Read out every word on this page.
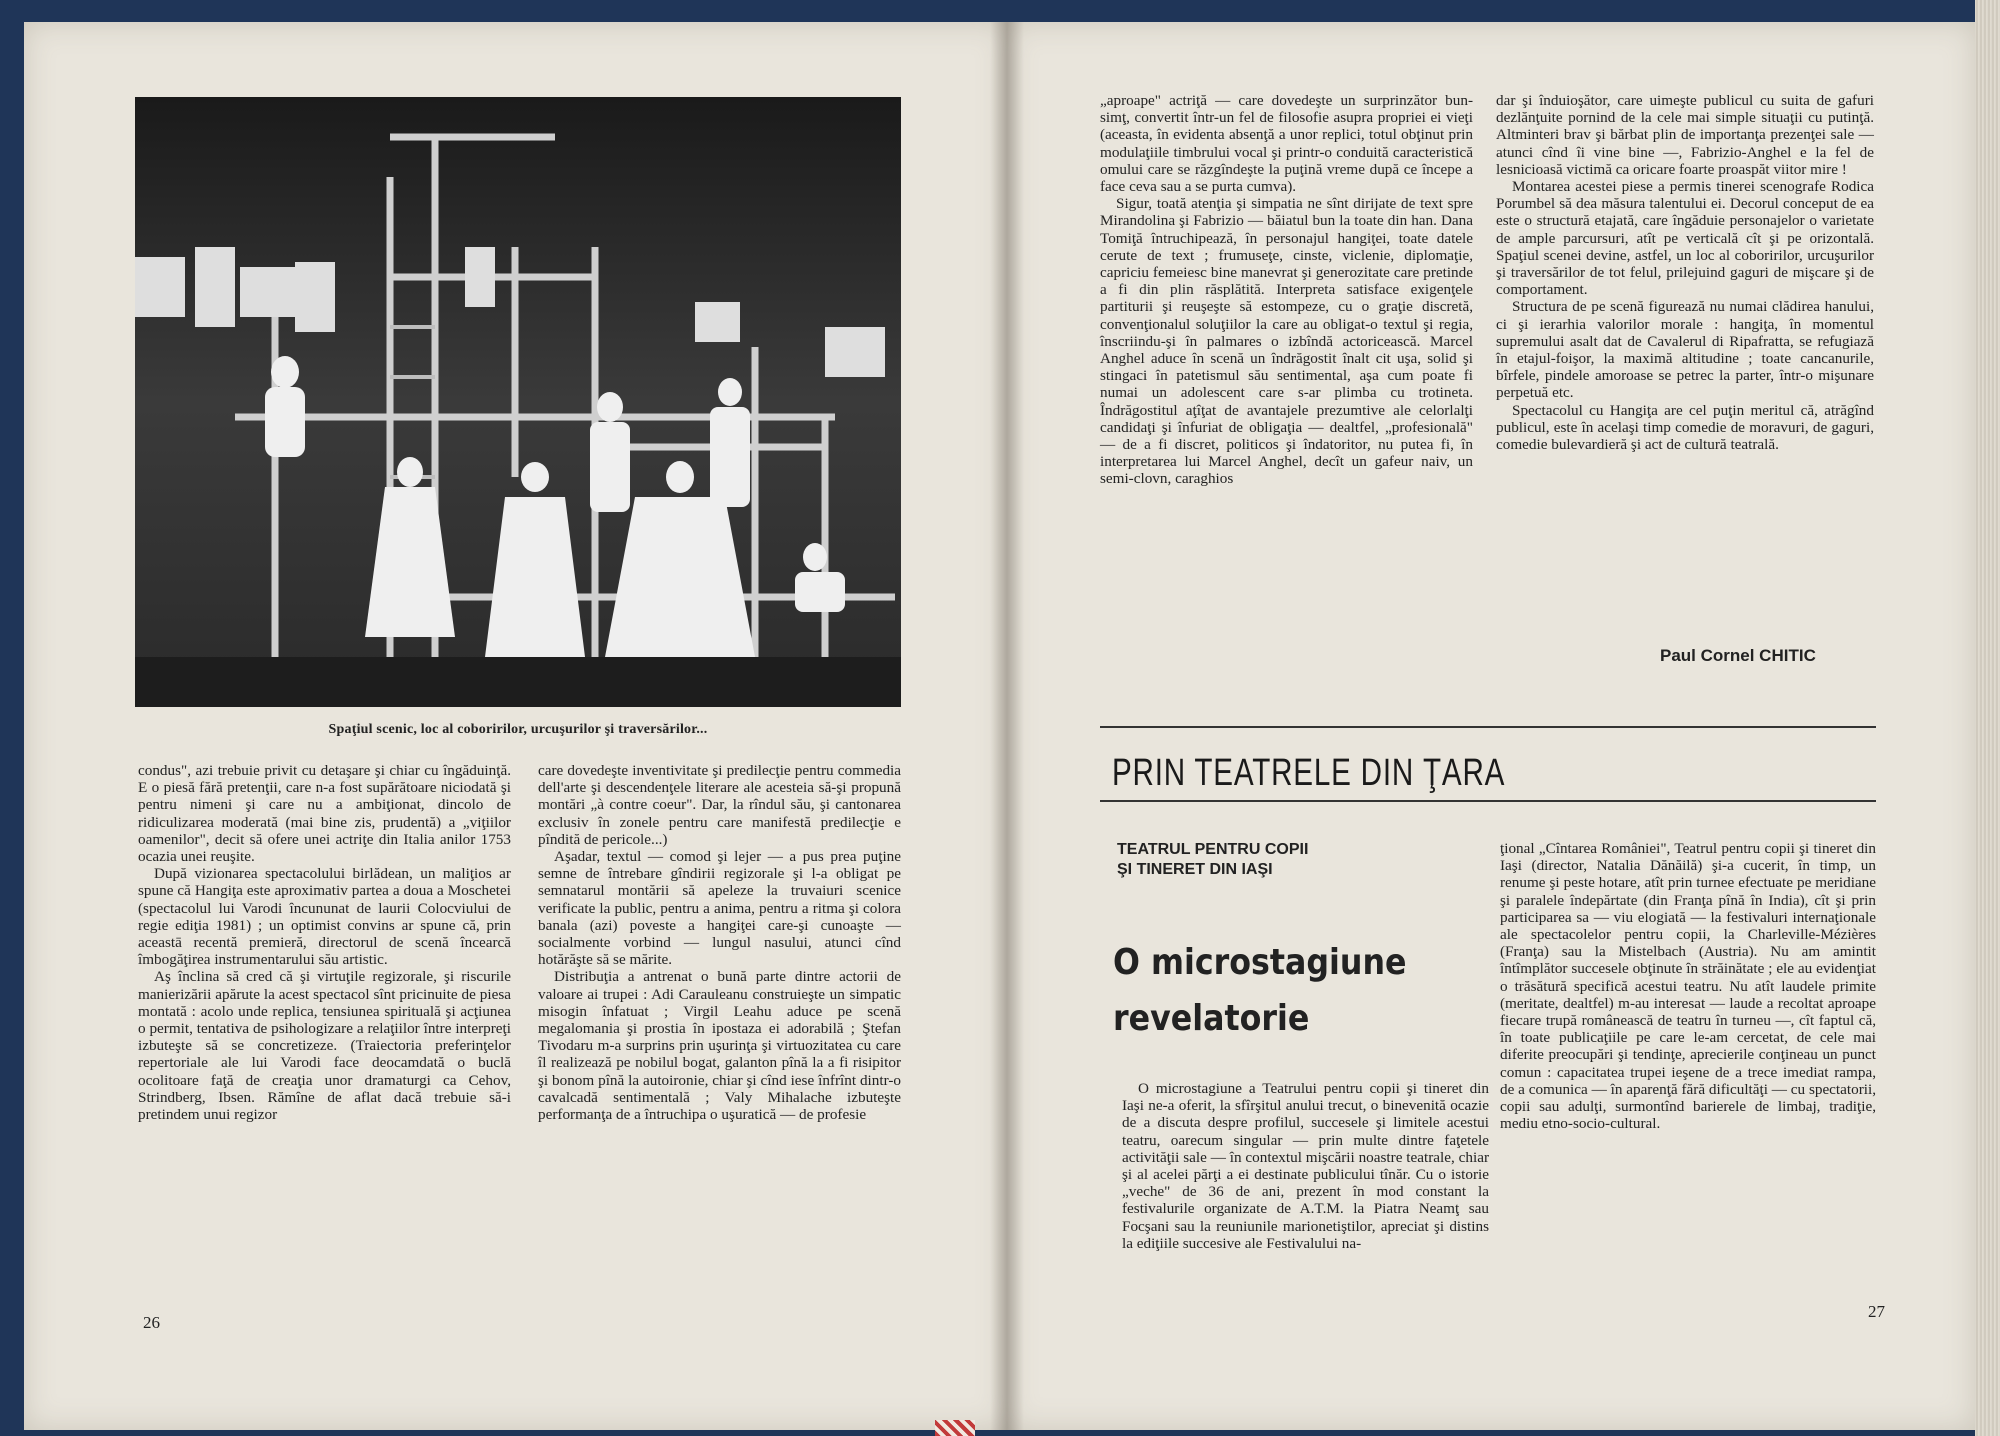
Spaţiul scenic, loc al coboririlor, urcuşurilor şi traversărilor...

condus", azi trebuie privit cu detaşare şi chiar cu îngăduinţă. E o piesă fără pretenţii, care n-a fost supărătoare niciodată şi pentru nimeni şi care nu a ambiţionat, dincolo de ridiculizarea moderată (mai bine zis, prudentă) a „viţiilor oamenilor", decit să ofere unei actriţe din Italia anilor 1753 ocazia unei reuşite.

După vizionarea spectacolului birlădean, un maliţios ar spune că Hangiţa este aproximativ partea a doua a Moschetei (spectacolul lui Varodi încununat de laurii Colocviului de regie ediţia 1981) ; un optimist convins ar spune că, prin aceastā recentă premieră, directorul de scenă încearcă îmbogăţirea instrumentarului său artistic.

Aş înclina să cred că şi virtuţile regizorale, şi riscurile manierizării apărute la acest spectacol sînt pricinuite de piesa montată : acolo unde replica, tensiunea spirituală şi acţiunea o permit, tentativa de psihologizare a relaţiilor între interpreţi izbuteşte să se concretizeze. (Traiectoria preferinţelor repertoriale ale lui Varodi face deocamdată o buclă ocolitoare faţă de creaţia unor dramaturgi ca Cehov, Strindberg, Ibsen. Rămîne de aflat dacă trebuie să-i pretindem unui regizor

care dovedeşte inventivitate şi predilecţie pentru commedia dell'arte şi descendenţele literare ale acesteia să-şi propună montări „à contre coeur". Dar, la rîndul său, şi cantonarea exclusiv în zonele pentru care manifestă predilecţie e pîndită de pericole...)

Aşadar, textul — comod şi lejer — a pus prea puţine semne de întrebare gîndirii regizorale şi l-a obligat pe semnatarul montării să apeleze la truvaiuri scenice verificate la public, pentru a anima, pentru a ritma şi colora banala (azi) poveste a hangiţei care-şi cunoaşte — socialmente vorbind — lungul nasului, atunci cînd hotărăşte să se mărite.

Distribuţia a antrenat o bună parte dintre actorii de valoare ai trupei : Adi Carauleanu construieşte un simpatic misogin înfatuat ; Virgil Leahu aduce pe scenă megalomania şi prostia în ipostaza ei adorabilă ; Ştefan Tivodaru m-a surprins prin uşurinţa şi virtuozitatea cu care îl realizează pe nobilul bogat, galanton pînă la a fi risipitor şi bonom pînă la autoironie, chiar şi cînd iese înfrînt dintr-o cavalcadă sentimentală ; Valy Mihalache izbuteşte performanţa de a întruchipa o uşuratică — de profesie

26

„aproape" actriţă — care dovedeşte un surprinzător bun-simţ, convertit într-un fel de filosofie asupra propriei ei vieţi (aceasta, în evidenta absenţă a unor replici, totul obţinut prin modulaţiile timbrului vocal şi printr-o conduită caracteristică omului care se răzgîndeşte la puţină vreme după ce începe a face ceva sau a se purta cumva).

Sigur, toată atenţia şi simpatia ne sînt dirijate de text spre Mirandolina şi Fabrizio — băiatul bun la toate din han. Dana Tomiţă întruchipează, în personajul hangiţei, toate datele cerute de text ; frumuseţe, cinste, viclenie, diplomaţie, capriciu femeiesc bine manevrat şi generozitate care pretinde a fi din plin răsplătită. Interpreta satisface exigenţele partiturii şi reuşeşte să estompeze, cu o graţie discretă, convenţionalul soluţiilor la care au obligat-o textul şi regia, înscriindu-şi în palmares o izbîndă actoricească. Marcel Anghel aduce în scenă un îndrăgostit înalt cit uşa, solid şi stingaci în patetismul său sentimental, aşa cum poate fi numai un adolescent care s-ar plimba cu trotineta. Îndrăgostitul aţîţat de avantajele prezumtive ale celorlalţi candidaţi şi înfuriat de obligaţia — dealtfel, „profesională" — de a fi discret, politicos şi îndatoritor, nu putea fi, în interpretarea lui Marcel Anghel, decît un gafeur naiv, un semi-clovn, caraghios

dar şi înduioşător, care uimeşte publicul cu suita de gafuri dezlănţuite pornind de la cele mai simple situaţii cu putinţă. Altminteri brav şi bărbat plin de importanţa prezenţei sale — atunci cînd îi vine bine —, Fabrizio-Anghel e la fel de lesnicioasă victimă ca oricare foarte proaspăt viitor mire !

Montarea acestei piese a permis tinerei scenografe Rodica Porumbel să dea măsura talentului ei. Decorul conceput de ea este o structură etajată, care îngăduie personajelor o varietate de ample parcursuri, atît pe verticală cît şi pe orizontală. Spaţiul scenei devine, astfel, un loc al coboririlor, urcuşurilor şi traversărilor de tot felul, prilejuind gaguri de mişcare şi de comportament.

Structura de pe scenă figurează nu numai clădirea hanului, ci şi ierarhia valorilor morale : hangiţa, în momentul supremului asalt dat de Cavalerul di Ripafratta, se refugiază în etajul-foişor, la maximă altitudine ; toate cancanurile, bîrfele, pindele amoroase se petrec la parter, într-o mişunare perpetuă etc.

Spectacolul cu Hangiţa are cel puţin meritul că, atrăgînd publicul, este în acelaşi timp comedie de moravuri, de gaguri, comedie bulevardieră şi act de cultură teatrală.

Paul Cornel CHITIC
PRIN TEATRELE DIN ŢARA
TEATRUL PENTRU COPII
ŞI TINERET DIN IAŞI
O microstagiune
revelatorie

O microstagiune a Teatrului pentru copii şi tineret din Iaşi ne-a oferit, la sfîrşitul anului trecut, o binevenită ocazie de a discuta despre profilul, succesele şi limitele acestui teatru, oarecum singular — prin multe dintre faţetele activităţii sale — în contextul mişcării noastre teatrale, chiar şi al acelei părţi a ei destinate publicului tînăr. Cu o istorie „veche" de 36 de ani, prezent în mod constant la festivalurile organizate de A.T.M. la Piatra Neamţ sau Focşani sau la reuniunile marionetiştilor, apreciat şi distins la ediţiile succesive ale Festivalului na-

ţional „Cîntarea României", Teatrul pentru copii şi tineret din Iaşi (director, Natalia Dănăilă) şi-a cucerit, în timp, un renume şi peste hotare, atît prin turnee efectuate pe meridiane şi paralele îndepărtate (din Franţa pînă în India), cît şi prin participarea sa — viu elogiată — la festivaluri internaţionale ale spectacolelor pentru copii, la Charleville-Mézières (Franţa) sau la Mistelbach (Austria). Nu am amintit întîmplător succesele obţinute în străinătate ; ele au evidenţiat o trăsătură specifică acestui teatru. Nu atît laudele primite (meritate, dealtfel) m-au interesat — laude a recoltat aproape fiecare trupă românească de teatru în turneu —, cît faptul că, în toate publicaţiile pe care le-am cercetat, de cele mai diferite preocupări şi tendinţe, aprecierile conţineau un punct comun : capacitatea trupei ieşene de a trece imediat rampa, de a comunica — în aparenţă fără dificultăţi — cu spectatorii, copii sau adulţi, surmontînd barierele de limbaj, tradiţie, mediu etno-socio-cultural.

27
